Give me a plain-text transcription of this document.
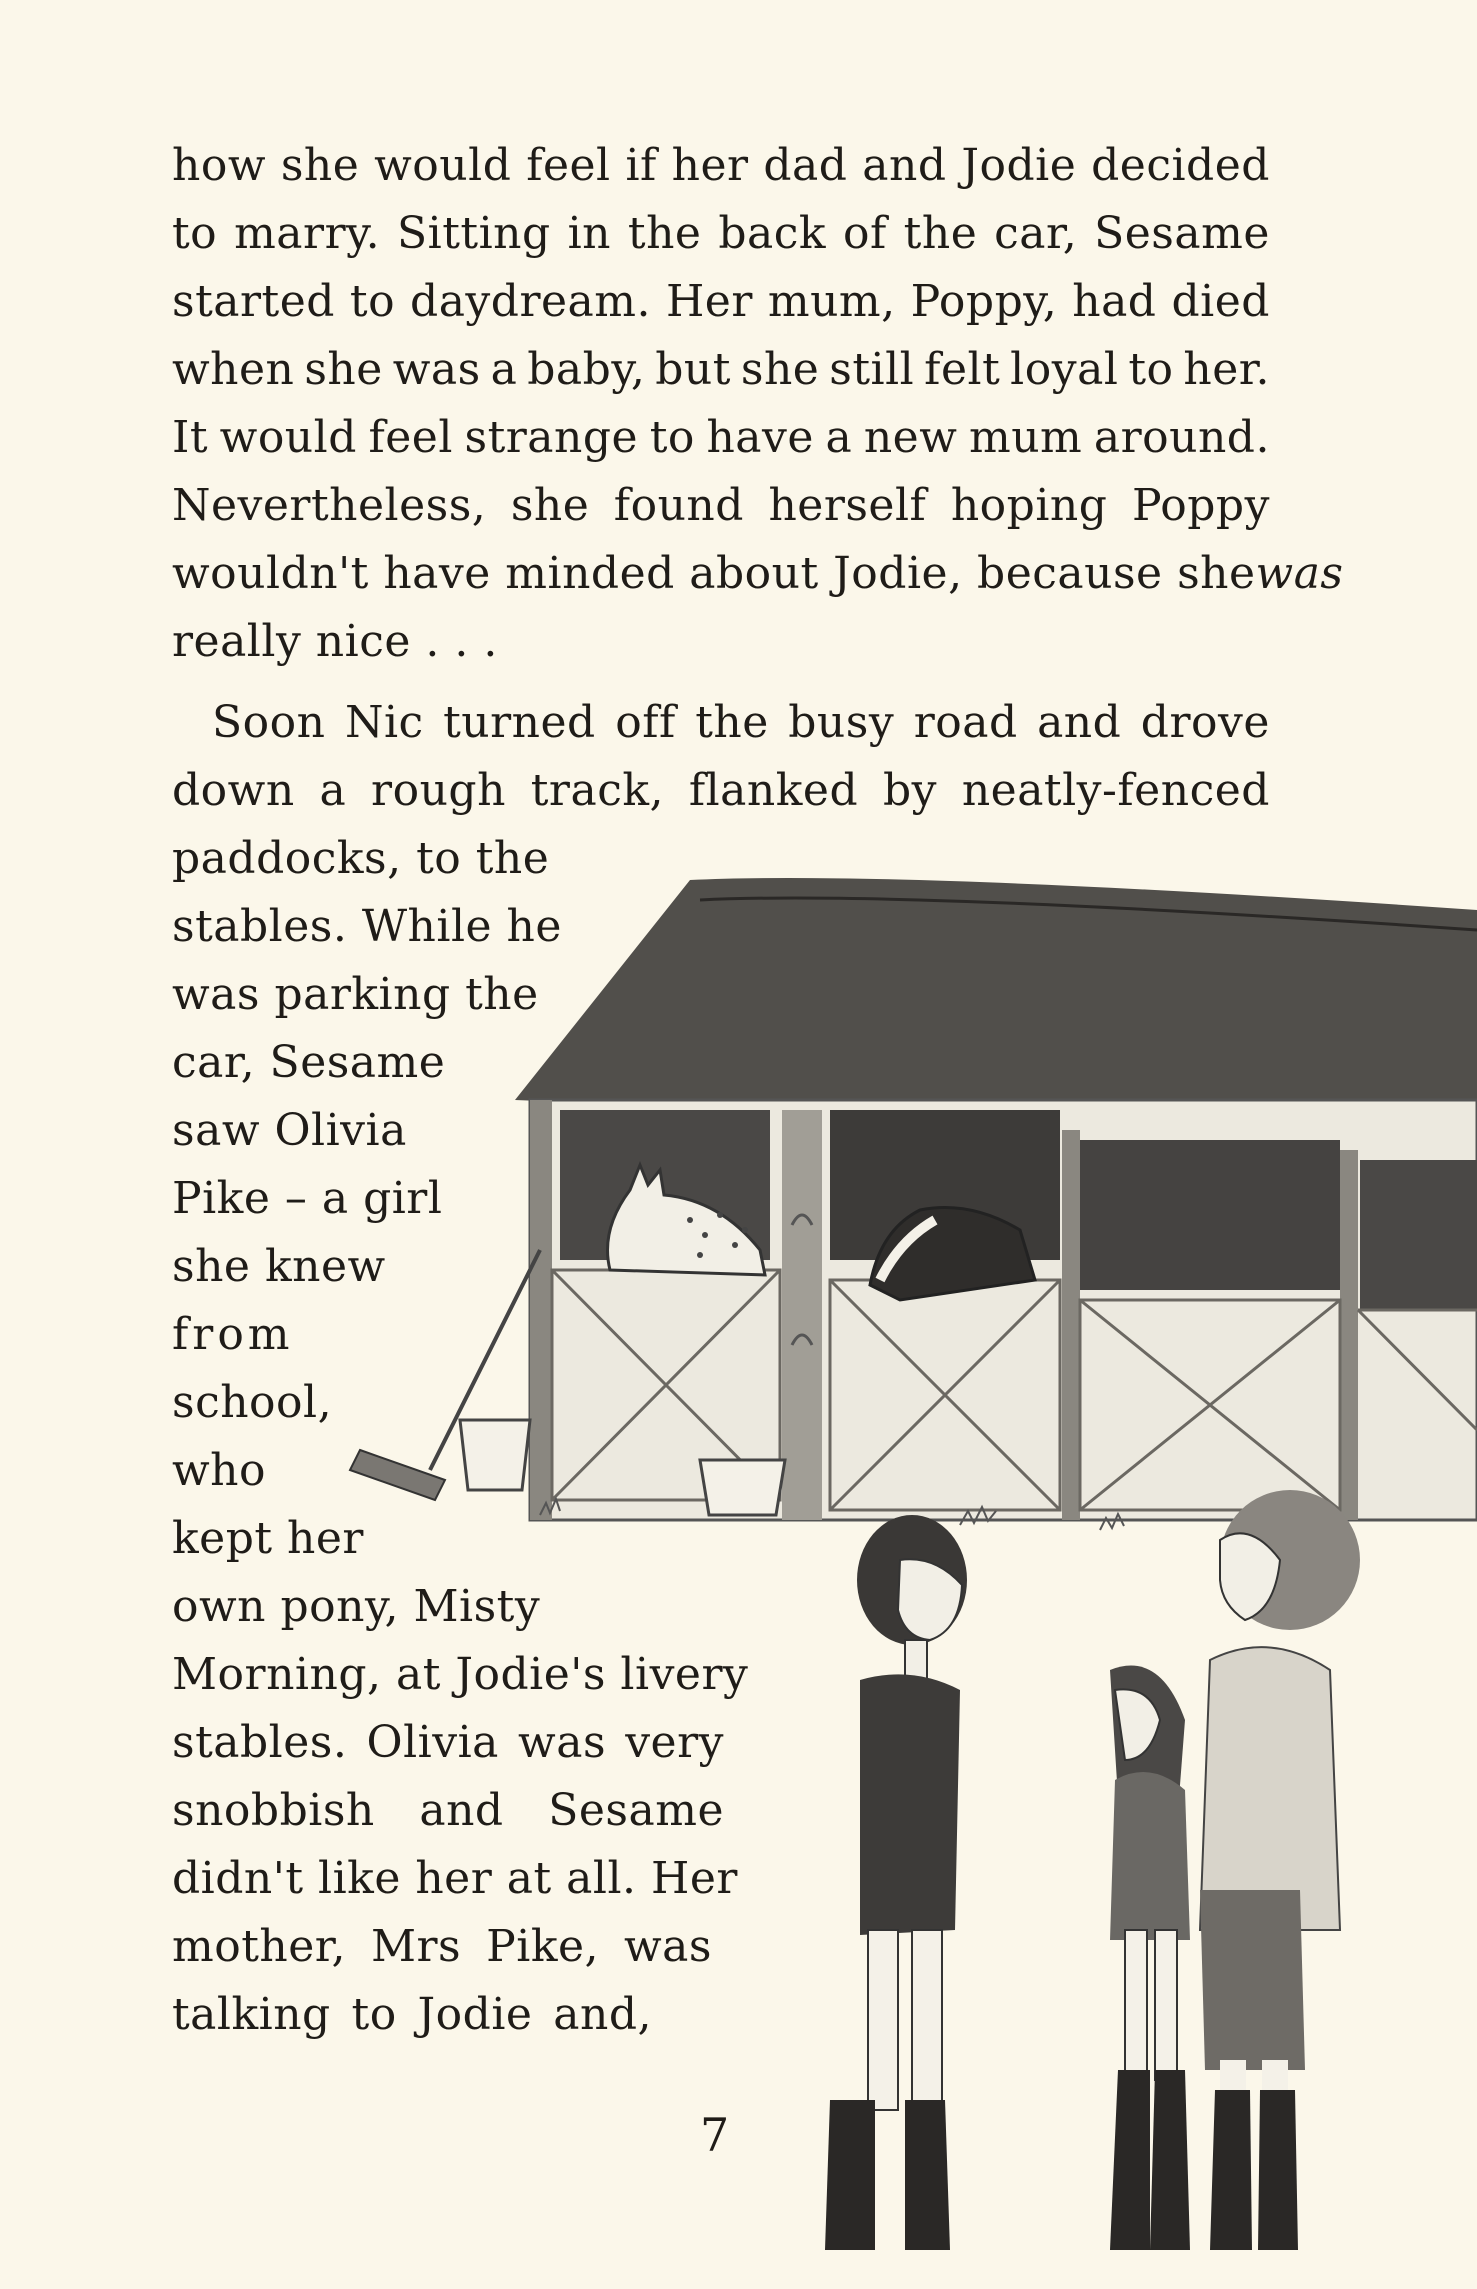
how she would feel if her dad and Jodie decided

to marry. Sitting in the back of the car, Sesame

started to daydream. Her mum, Poppy, had died

when she was a baby, but she still felt loyal to her.

It would feel strange to have a new mum around.

Nevertheless, she found herself hoping Poppy

wouldn't have minded about Jodie, because she was

really nice . . .

Soon Nic turned off the busy road and drove

down a rough track, flanked by neatly-fenced

paddocks, to the

stables. While he

was parking the

car, Sesame

saw Olivia

Pike – a girl

she knew

from

school,

who

kept her

own pony, Misty

Morning, at Jodie's livery

stables. Olivia was very

snobbish and Sesame

didn't like her at all. Her

mother, Mrs Pike, was

talking to Jodie and,

7
